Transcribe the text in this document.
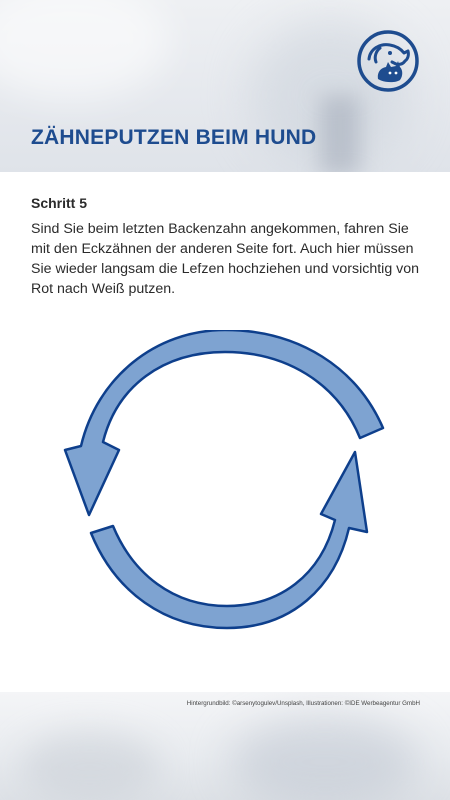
ZÄHNEPUTZEN BEIM HUND

Schritt 5

Sind Sie beim letzten Backenzahn angekommen, fahren Sie mit den Eckzähnen der anderen Seite fort. Auch hier müssen Sie wieder langsam die Lefzen hochziehen und vorsichtig von Rot nach Weiß putzen.

Hintergrundbild: ©arsenytogulev/Unsplash, Illustrationen: ©IDE Werbeagentur GmbH
